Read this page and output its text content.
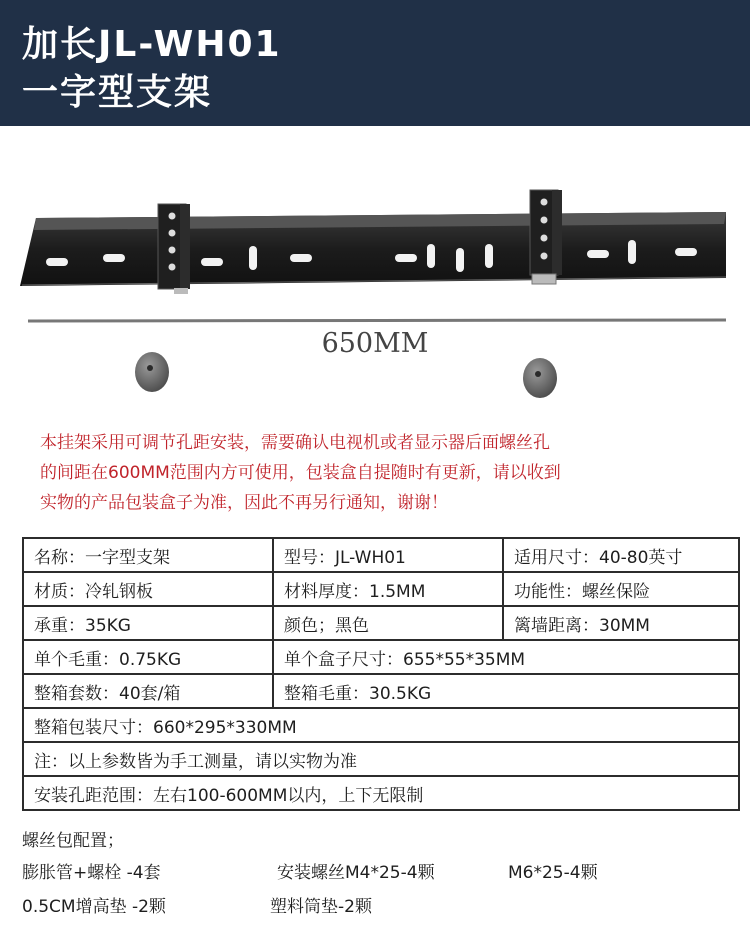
加长JL-WH01
一字型支架
650MM
本挂架采用可调节孔距安装，需要确认电视机或者显示器后面螺丝孔
的间距在600MM范围内方可使用，包装盒自提随时有更新，请以收到
实物的产品包装盒子为准，因此不再另行通知，谢谢！
名称：一字型支架	型号：JL-WH01	适用尺寸：40-80英寸
材质：冷轧钢板	材料厚度：1.5MM	功能性：螺丝保险
承重：35KG	颜色；黑色	篱墙距离：30MM
单个毛重：0.75KG	单个盒子尺寸：655*55*35MM	
整箱套数：40套/箱	整箱毛重：30.5KG	
整箱包装尺寸：660*295*330MM		
注：以上参数皆为手工测量，请以实物为准		
安装孔距范围：左右100-600MM以内，上下无限制		
螺丝包配置；
膨胀管+螺栓 -4套	安装螺丝M4*25-4颗	M6*25-4颗
0.5CM增高垫 -2颗	塑料筒垫-2颗
